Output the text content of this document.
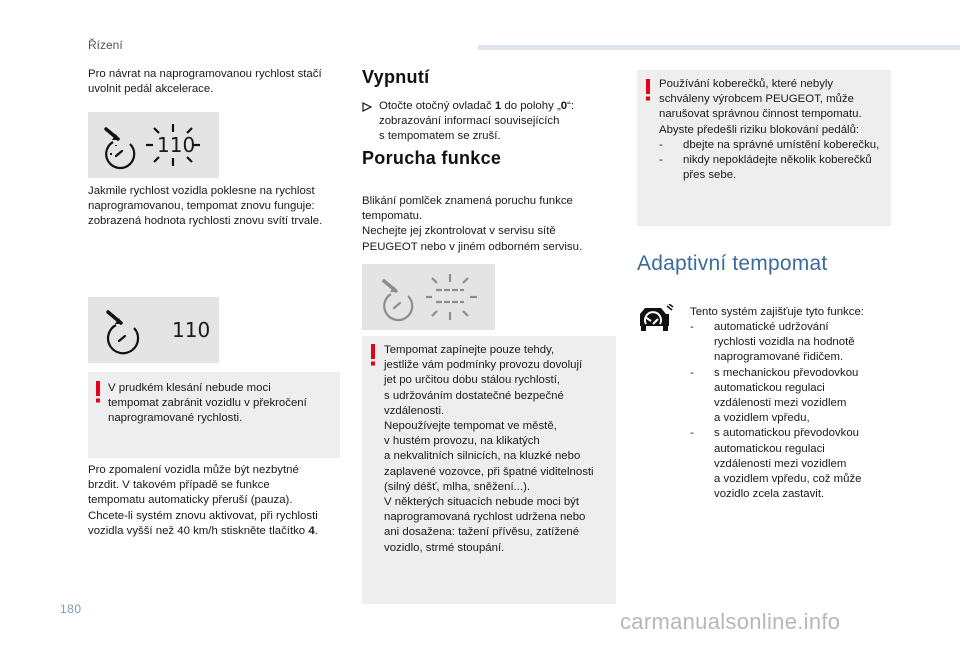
Řízení
Pro návrat na naprogramovanou rychlost stačí
uvolnit pedál akcelerace.
110
Jakmile rychlost vozidla poklesne na rychlost
naprogramovanou, tempomat znovu funguje:
zobrazená hodnota rychlosti znovu svítí trvale.
110
V prudkém klesání nebude moci
tempomat zabránit vozidlu v překročení
naprogramované rychlosti.
Pro zpomalení vozidla může být nezbytné
brzdit. V takovém případě se funkce
tempomatu automaticky přeruší (pauza).
Chcete-li systém znovu aktivovat, při rychlosti
vozidla vyšší než 40 km/h stiskněte tlačítko 4.
Vypnutí
Otočte otočný ovladač 1 do polohy „0“:
zobrazování informací souvisejících
s tempomatem se zruší.
Porucha funkce
Blikání pomlček znamená poruchu funkce
tempomatu.
Nechejte jej zkontrolovat v servisu sítě
PEUGEOT nebo v jiném odborném servisu.
Tempomat zapínejte pouze tehdy,
jestliže vám podmínky provozu dovolují
jet po určitou dobu stálou rychlostí,
s udržováním dostatečné bezpečné
vzdálenosti.
Nepoužívejte tempomat ve městě,
v hustém provozu, na klikatých
a nekvalitních silnicích, na kluzké nebo
zaplavené vozovce, při špatné viditelnosti
(silný déšť, mlha, sněžení...).
V některých situacích nebude moci být
naprogramovaná rychlost udržena nebo
ani dosažena: tažení přívěsu, zatížené
vozidlo, strmé stoupání.
Používání koberečků, které nebyly
schváleny výrobcem PEUGEOT, může
narušovat správnou činnost tempomatu.
Abyste předešli riziku blokování pedálů:
- dbejte na správné umístění koberečku,
- nikdy nepokládejte několik koberečků
přes sebe.
Adaptivní tempomat
Tento systém zajišťuje tyto funkce:
- automatické udržování
rychlosti vozidla na hodnotě
naprogramované řidičem.
- s mechanickou převodovkou
automatickou regulaci
vzdálenosti mezi vozidlem
a vozidlem vpředu,
- s automatickou převodovkou
automatickou regulaci
vzdálenosti mezi vozidlem
a vozidlem vpředu, což může
vozidlo zcela zastavit.
180	carmanualsonline.info
